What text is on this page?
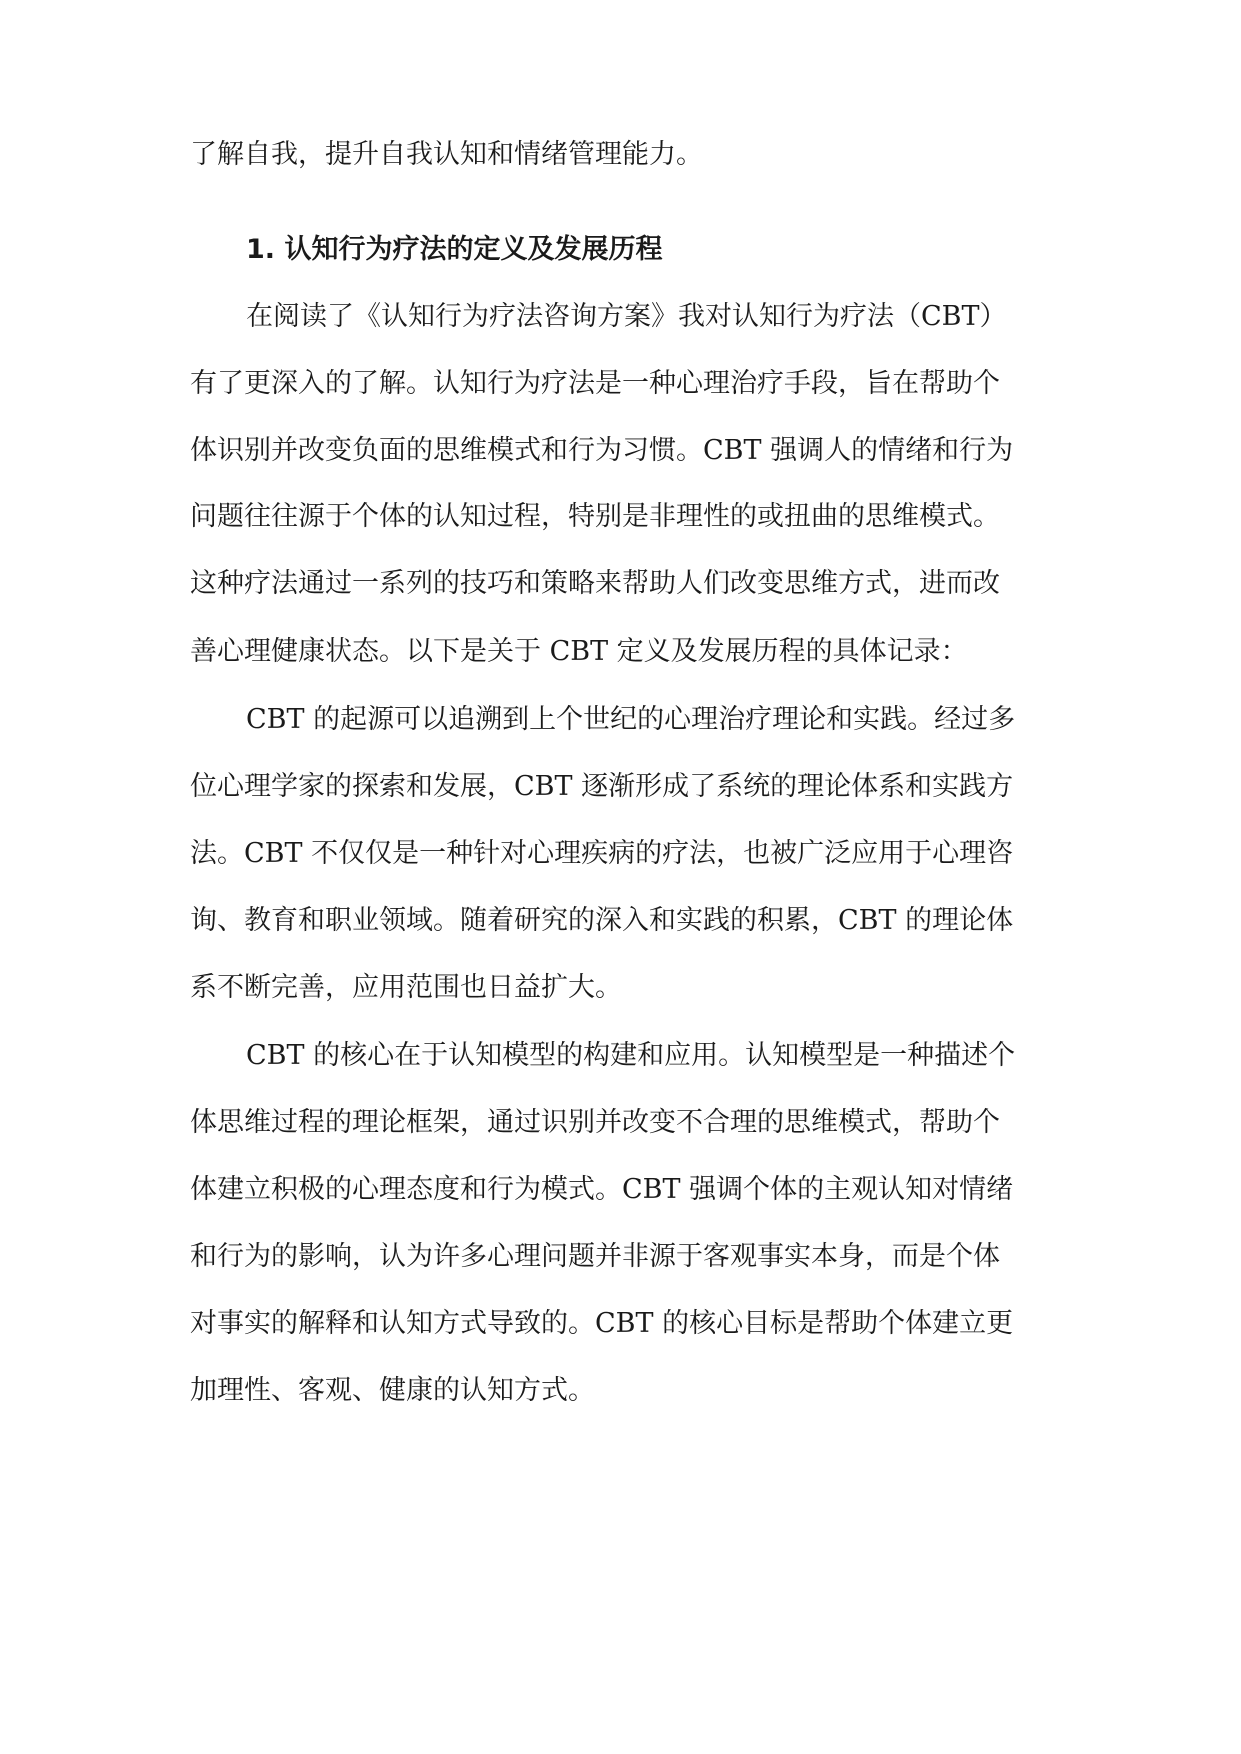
了解自我，提升自我认知和情绪管理能力。
1. 认知行为疗法的定义及发展历程
在阅读了《认知行为疗法咨询方案》我对认知行为疗法（CBT）
有了更深入的了解。认知行为疗法是一种心理治疗手段，旨在帮助个
体识别并改变负面的思维模式和行为习惯。CBT 强调人的情绪和行为
问题往往源于个体的认知过程，特别是非理性的或扭曲的思维模式。
这种疗法通过一系列的技巧和策略来帮助人们改变思维方式，进而改
善心理健康状态。以下是关于 CBT 定义及发展历程的具体记录：
CBT 的起源可以追溯到上个世纪的心理治疗理论和实践。经过多
位心理学家的探索和发展，CBT 逐渐形成了系统的理论体系和实践方
法。CBT 不仅仅是一种针对心理疾病的疗法，也被广泛应用于心理咨
询、教育和职业领域。随着研究的深入和实践的积累，CBT 的理论体
系不断完善，应用范围也日益扩大。
CBT 的核心在于认知模型的构建和应用。认知模型是一种描述个
体思维过程的理论框架，通过识别并改变不合理的思维模式，帮助个
体建立积极的心理态度和行为模式。CBT 强调个体的主观认知对情绪
和行为的影响，认为许多心理问题并非源于客观事实本身，而是个体
对事实的解释和认知方式导致的。CBT 的核心目标是帮助个体建立更
加理性、客观、健康的认知方式。
